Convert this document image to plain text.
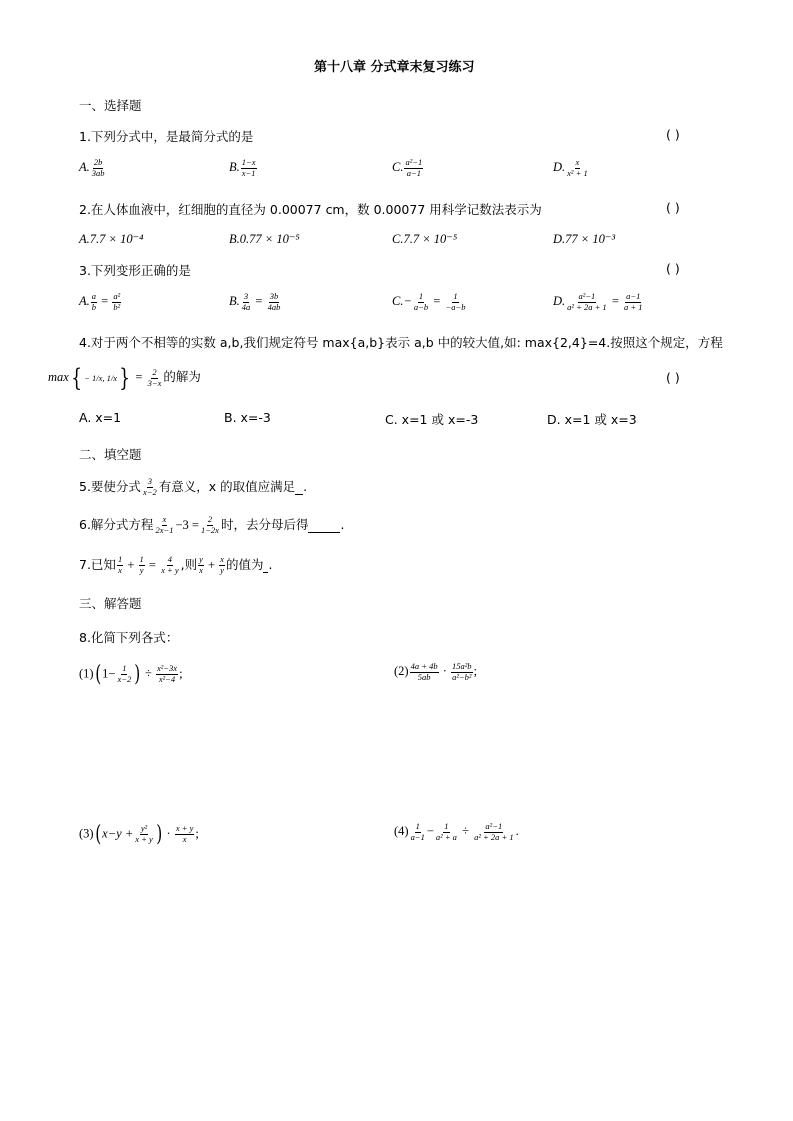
第十八章 分式章末复习练习
一、选择题
1.下列分式中，是最简分式的是	( )
A. $\frac{2b}{3ab}$	B. $\frac{1-x}{x-1}$	C. $\frac{\text{a²−1}}{a-1}$	D. $\frac{x}{\text{x² + 1}}$
2.在人体血液中，红细胞的直径为 0.00077 cm，数 0.00077 用科学记数法表示为	( )
A.7.7 × 10⁻⁴	B.0.77 × 10⁻⁵	C.7.7 × 10⁻⁵	D.77 × 10⁻³
3.下列变形正确的是	( )
A. $\frac{a}{b} = \frac{\text{a²}}{\text{b²}}$	B. $\frac{3}{4a} = \frac{3b}{4ab}$	$C.- \frac{1}{a-b} = \frac{1}{-a-b}$	D. $\frac{\text{a²−1}}{\text{a² + 2a + 1}} = \frac{a-1}{a + 1}$
4.对于两个不相等的实数 a,b,我们规定符号 max{a,b}表示 a,b 中的较大值,如: max{2,4}=4.按照这个规定，方程
max{ − 1/x, $1/x\} = \frac{2}{3-x}$ 的解为	( )
A. x=1	B. x=-3	C. x=1 或 x=-3	D. x=1 或 x=3
二、填空题
5.要使分式 $\frac{3}{x-2}$ 有意义，x 的取值应满足 .
6.解分式方程 $\frac{x}{2x-1} -3 = \frac{2}{1-2x}$ 时，去分母后得	.
7.已知 $\frac{1}{x} + \frac{1}{y} = \frac{4}{x + y}$ ,则 $\frac{y}{x} + \frac{x}{y}$ 的值为 .
三、解答题
8.化简下列各式：
$(1)(1- \frac{1}{x-2}$ ) ÷ $\frac{\text{x²−3x}}{\text{x²−4}}$ ;	$(2) \frac{4a + 4b}{5ab} \cdot \frac{\text{15a²b}}{\text{a²−b²}}$ ;
$(3)(x-y + \frac{\text{y²}}{x + y}$ ) · $\frac{x + y}{x}$ ;	$(4) \frac{1}{a-1} - \frac{1}{\text{a² + a}} \div \frac{\text{a²−1}}{\text{a² + 2a + 1}}$ .
